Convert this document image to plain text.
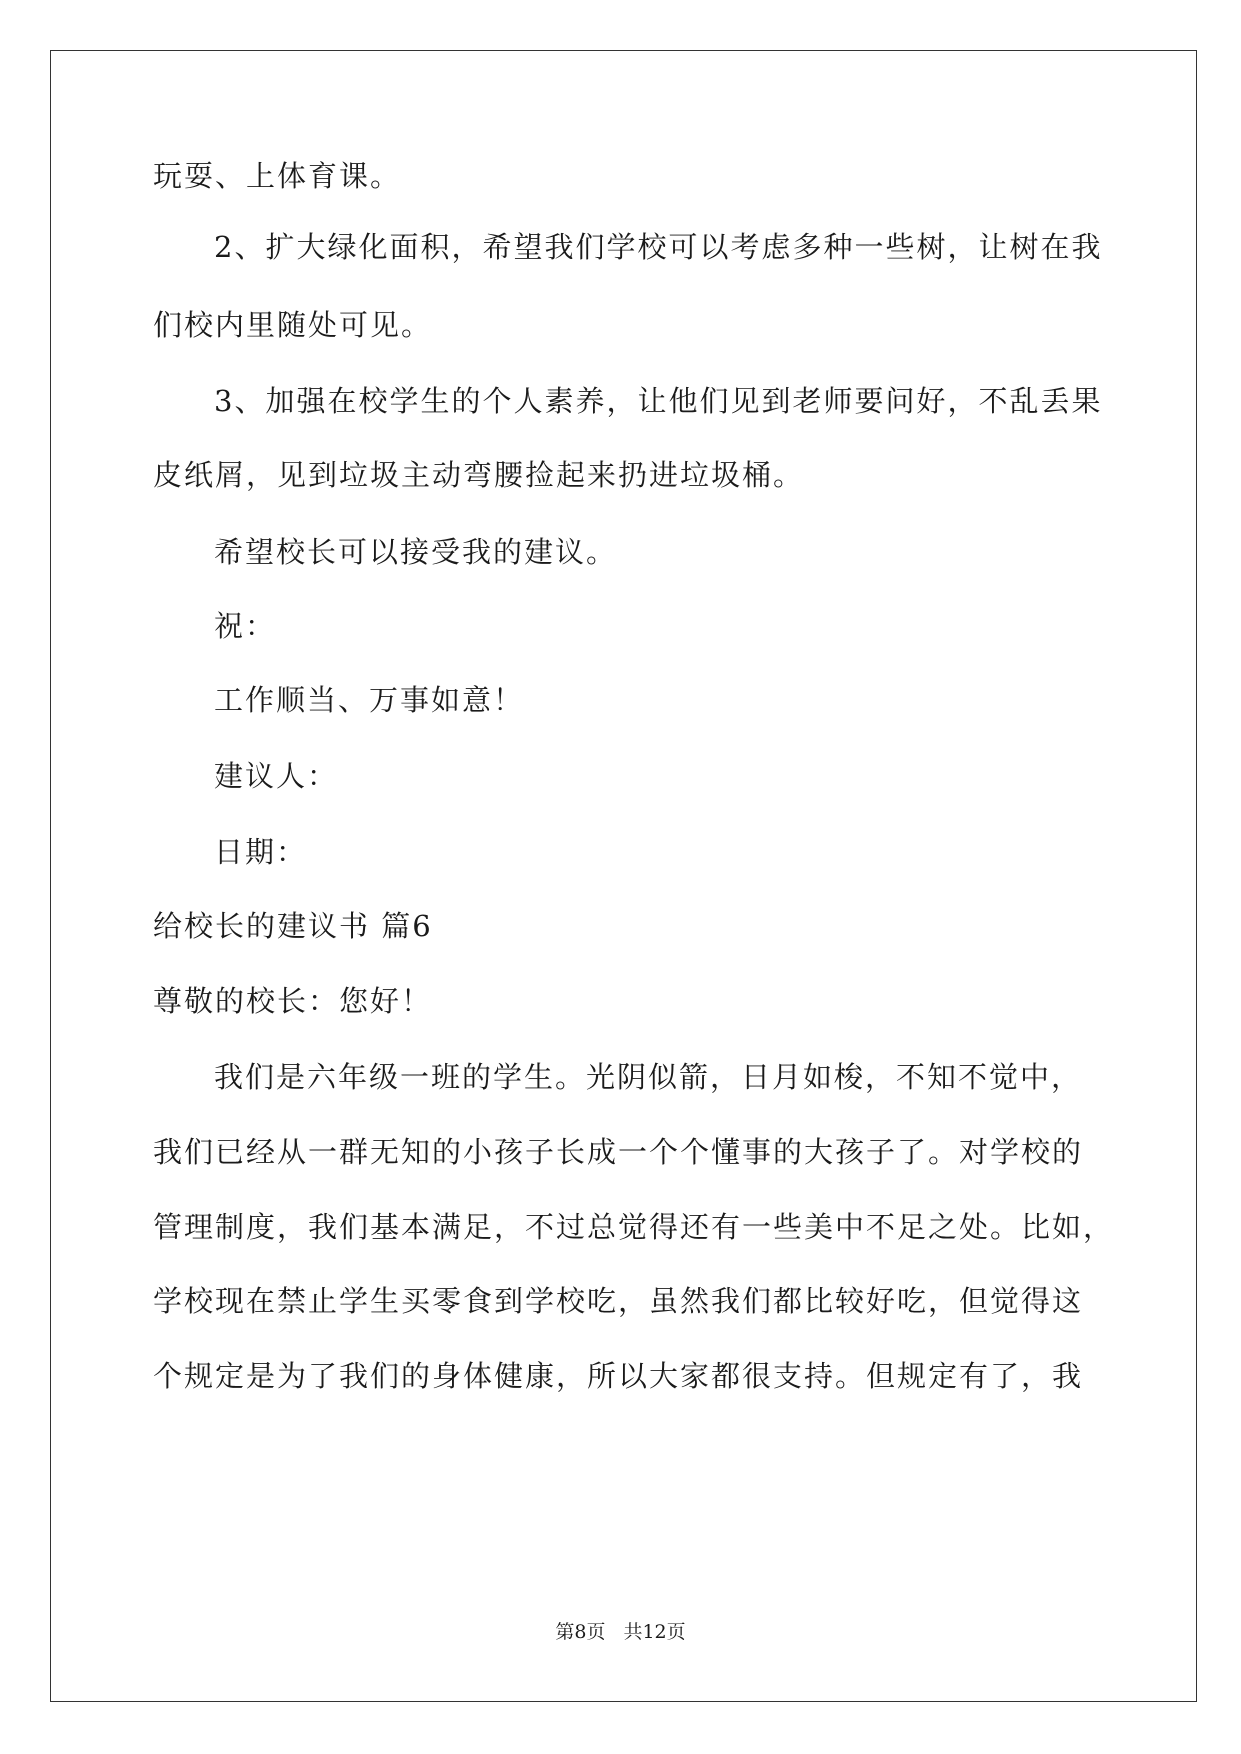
玩耍、上体育课。
2、扩大绿化面积，希望我们学校可以考虑多种一些树，让树在我
们校内里随处可见。
3、加强在校学生的个人素养，让他们见到老师要问好，不乱丢果
皮纸屑，见到垃圾主动弯腰捡起来扔进垃圾桶。
希望校长可以接受我的建议。
祝：
工作顺当、万事如意！
建议人：
日期：
给校长的建议书 篇6
尊敬的校长：您好！
我们是六年级一班的学生。光阴似箭，日月如梭，不知不觉中，
我们已经从一群无知的小孩子长成一个个懂事的大孩子了。对学校的
管理制度，我们基本满足，不过总觉得还有一些美中不足之处。比如，
学校现在禁止学生买零食到学校吃，虽然我们都比较好吃，但觉得这
个规定是为了我们的身体健康，所以大家都很支持。但规定有了，我
第8页 共12页
